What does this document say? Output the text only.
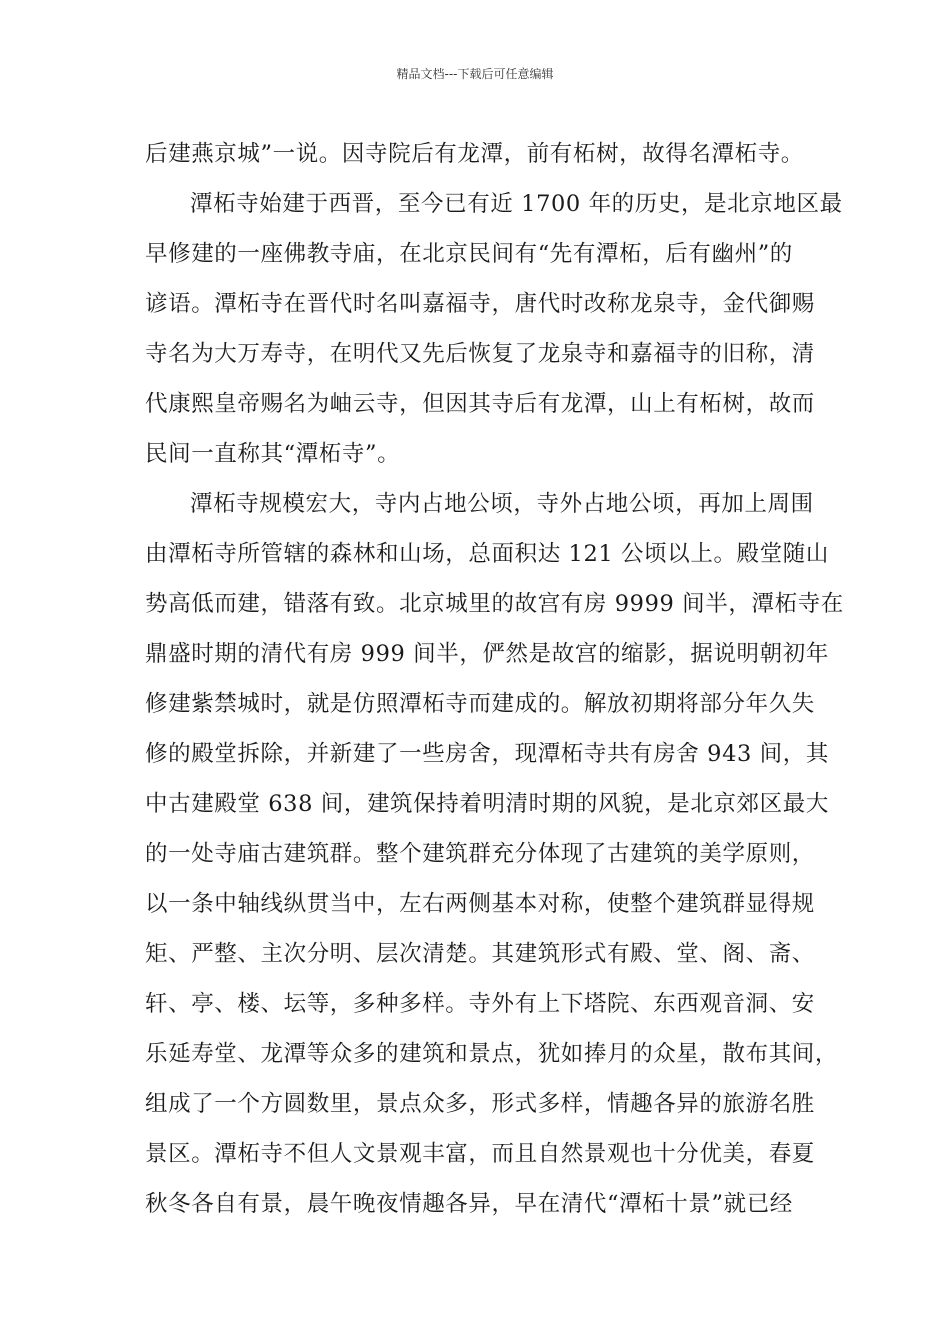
精品文档---下载后可任意编辑
后建燕京城”一说。因寺院后有龙潭，前有柘树，故得名潭柘寺。
潭柘寺始建于西晋，至今已有近 1700 年的历史，是北京地区最
早修建的一座佛教寺庙，在北京民间有“先有潭柘，后有幽州”的
谚语。潭柘寺在晋代时名叫嘉福寺，唐代时改称龙泉寺，金代御赐
寺名为大万寿寺，在明代又先后恢复了龙泉寺和嘉福寺的旧称，清
代康熙皇帝赐名为岫云寺，但因其寺后有龙潭，山上有柘树，故而
民间一直称其“潭柘寺”。
潭柘寺规模宏大，寺内占地公顷，寺外占地公顷，再加上周围
由潭柘寺所管辖的森林和山场，总面积达 121 公顷以上。殿堂随山
势高低而建，错落有致。北京城里的故宫有房 9999 间半，潭柘寺在
鼎盛时期的清代有房 999 间半，俨然是故宫的缩影，据说明朝初年
修建紫禁城时，就是仿照潭柘寺而建成的。解放初期将部分年久失
修的殿堂拆除，并新建了一些房舍，现潭柘寺共有房舍 943 间，其
中古建殿堂 638 间，建筑保持着明清时期的风貌，是北京郊区最大
的一处寺庙古建筑群。整个建筑群充分体现了古建筑的美学原则，
以一条中轴线纵贯当中，左右两侧基本对称，使整个建筑群显得规
矩、严整、主次分明、层次清楚。其建筑形式有殿、堂、阁、斋、
轩、亭、楼、坛等，多种多样。寺外有上下塔院、东西观音洞、安
乐延寿堂、龙潭等众多的建筑和景点，犹如捧月的众星，散布其间，
组成了一个方圆数里，景点众多，形式多样，情趣各异的旅游名胜
景区。潭柘寺不但人文景观丰富，而且自然景观也十分优美，春夏
秋冬各自有景，晨午晚夜情趣各异，早在清代“潭柘十景”就已经
